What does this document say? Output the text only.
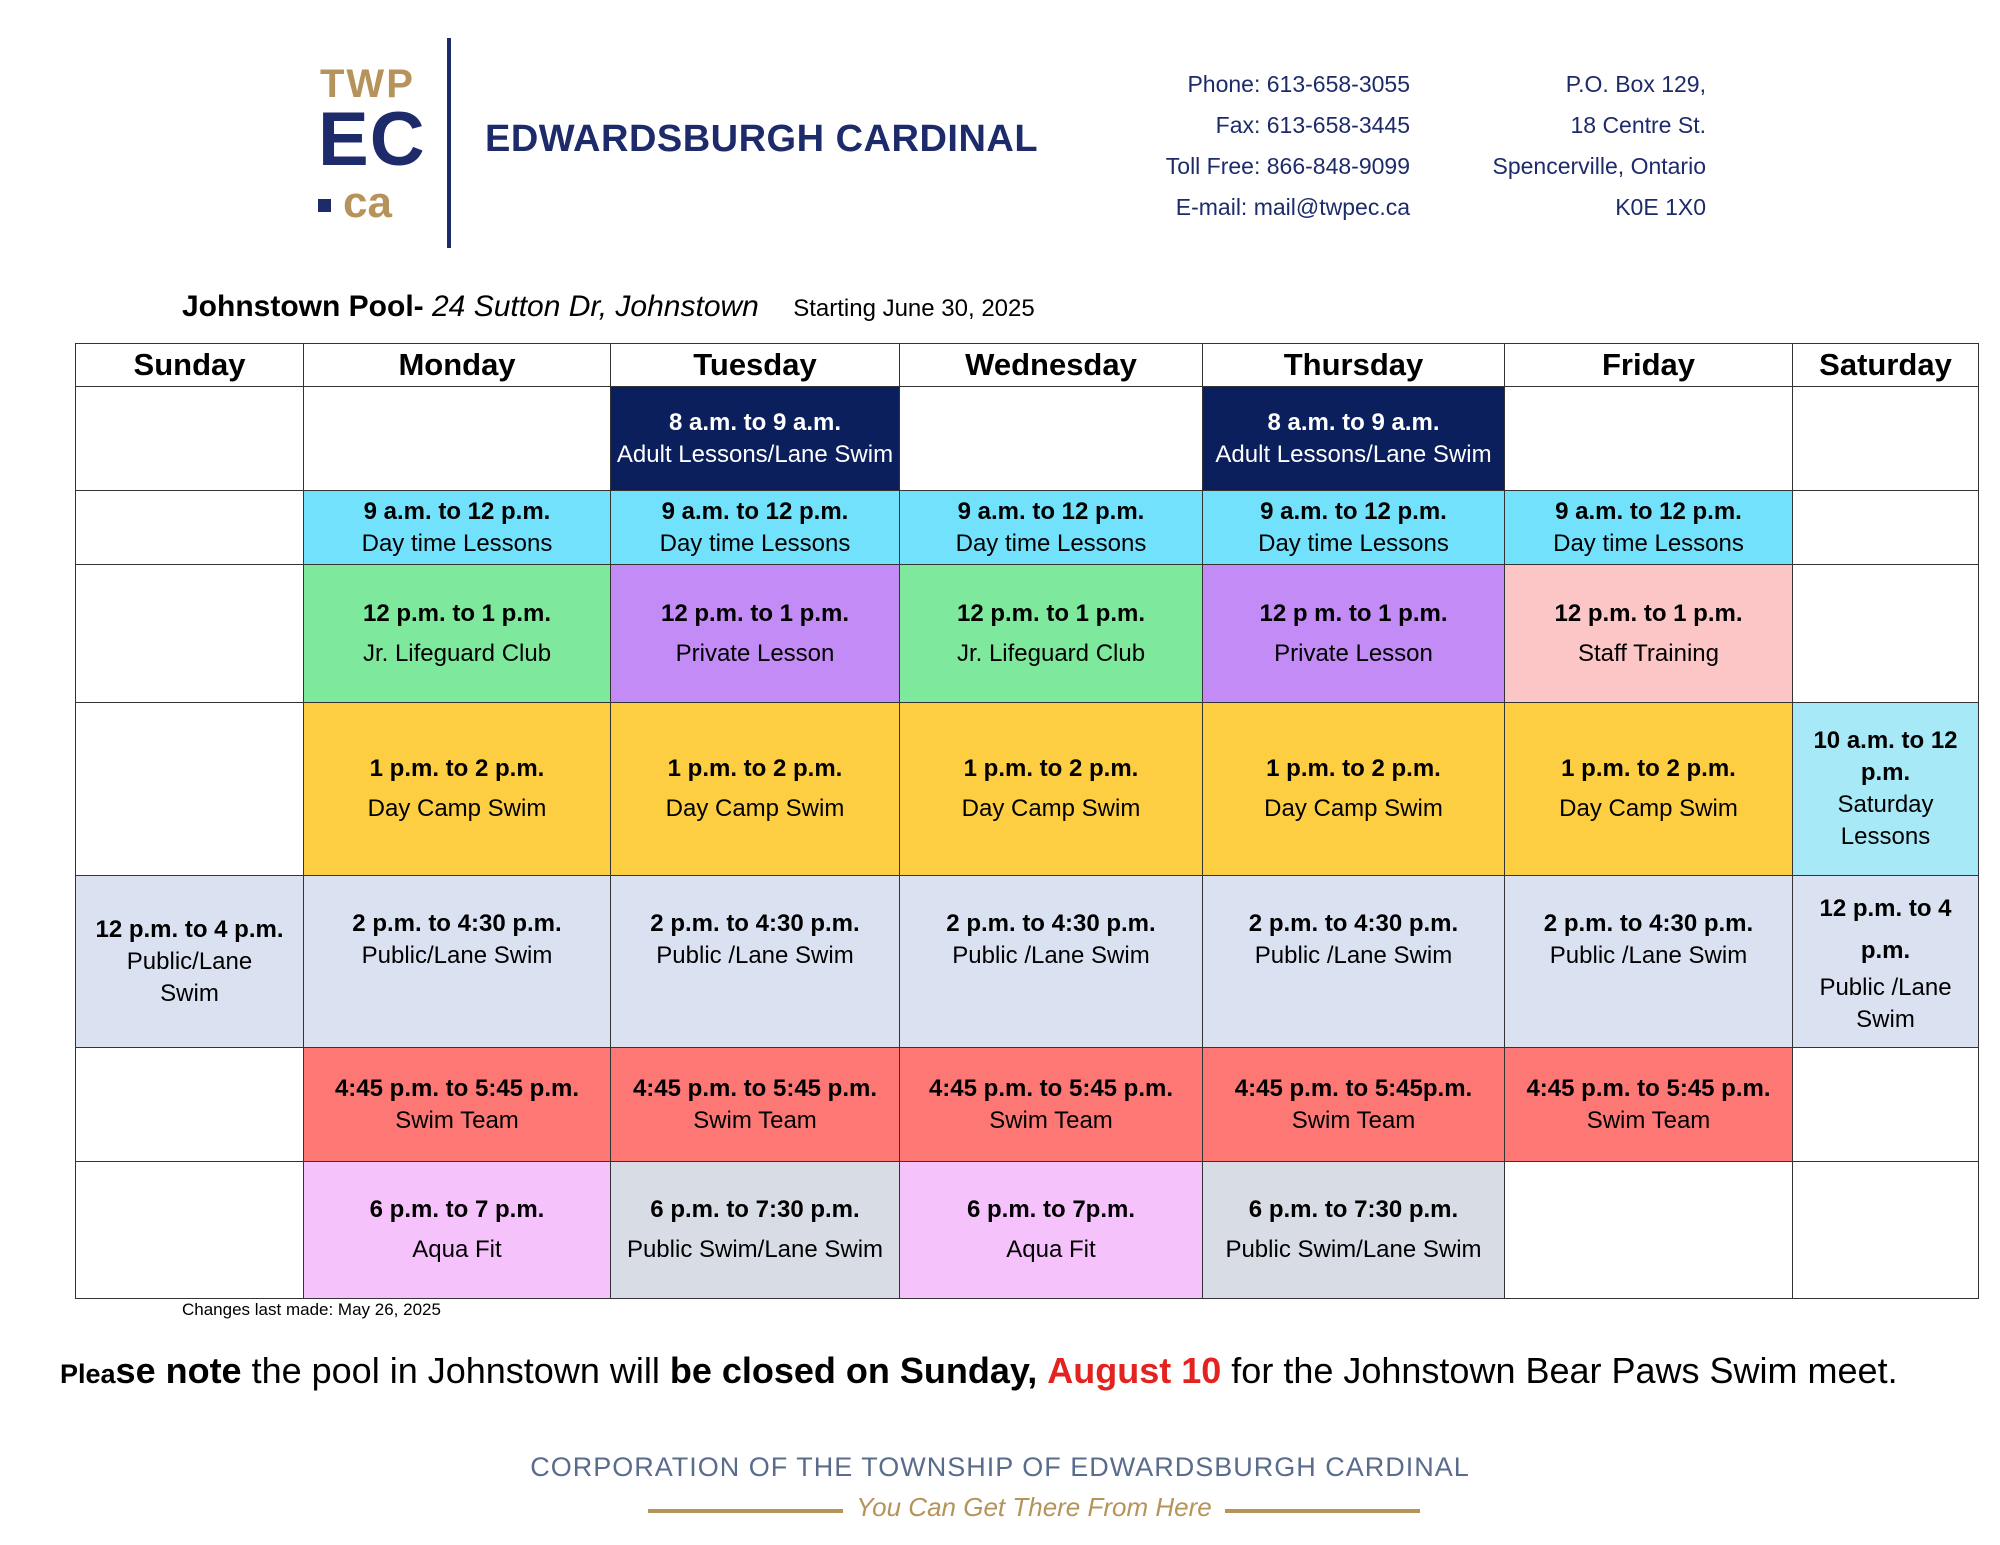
TWP
EC
ca
EDWARDSBURGH CARDINAL
Phone: 613-658-3055
Fax: 613-658-3445
Toll Free: 866-848-9099
E-mail: mail@twpec.ca
P.O. Box 129,
18 Centre St.
Spencerville, Ontario
K0E 1X0
Johnstown Pool- 24 Sutton Dr, Johnstown Starting June 30, 2025
Sunday	Monday	Tuesday	Wednesday	Thursday	Friday	Saturday

		8 a.m. to 9 a.m.
Adult Lessons/Lane Swim		8 a.m. to 9 a.m.
Adult Lessons/Lane Swim		

	9 a.m. to 12 p.m.
Day time Lessons	9 a.m. to 12 p.m.
Day time Lessons	9 a.m. to 12 p.m.
Day time Lessons	9 a.m. to 12 p.m.
Day time Lessons	9 a.m. to 12 p.m.
Day time Lessons	

	12 p.m. to 1 p.m.
Jr. Lifeguard Club	12 p.m. to 1 p.m.
Private Lesson	12 p.m. to 1 p.m.
Jr. Lifeguard Club	12 p m. to 1 p.m.
Private Lesson	12 p.m. to 1 p.m.
Staff Training	

	1 p.m. to 2 p.m.
Day Camp Swim	1 p.m. to 2 p.m.
Day Camp Swim	1 p.m. to 2 p.m.
Day Camp Swim	1 p.m. to 2 p.m.
Day Camp Swim	1 p.m. to 2 p.m.
Day Camp Swim	10 a.m. to 12 p.m.
Saturday Lessons

12 p.m. to 4 p.m.
Public/Lane Swim	2 p.m. to 4:30 p.m.
Public/Lane Swim	2 p.m. to 4:30 p.m.
Public /Lane Swim	2 p.m. to 4:30 p.m.
Public /Lane Swim	2 p.m. to 4:30 p.m.
Public /Lane Swim	2 p.m. to 4:30 p.m.
Public /Lane Swim	12 p.m. to 4 p.m.
Public /Lane Swim

	4:45 p.m. to 5:45 p.m.
Swim Team	4:45 p.m. to 5:45 p.m.
Swim Team	4:45 p.m. to 5:45 p.m.
Swim Team	4:45 p.m. to 5:45p.m.
Swim Team	4:45 p.m. to 5:45 p.m.
Swim Team	

	6 p.m. to 7 p.m.
Aqua Fit	6 p.m. to 7:30 p.m.
Public Swim/Lane Swim	6 p.m. to 7p.m.
Aqua Fit	6 p.m. to 7:30 p.m.
Public Swim/Lane Swim		

Changes last made: May 26, 2025
Please note the pool in Johnstown will be closed on Sunday, August 10 for the Johnstown Bear Paws Swim meet.
CORPORATION OF THE TOWNSHIP OF EDWARDSBURGH CARDINAL
You Can Get There From Here
